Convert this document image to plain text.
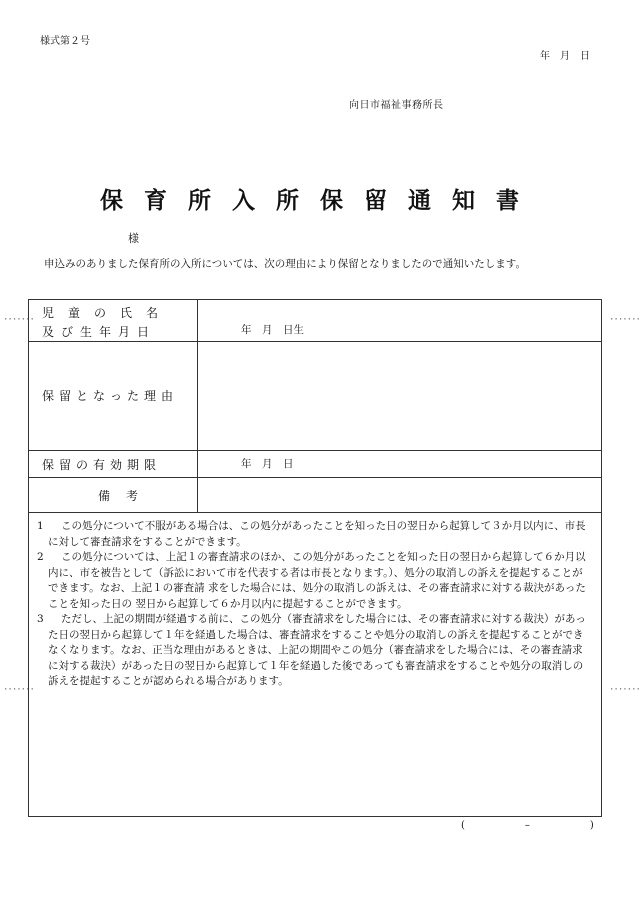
様式第２号
年　月　日
向日市福祉事務所長
保育所入所保留通知書
様
申込みのありました保育所の入所については、次の理由により保留となりましたので通知いたします。
·······	·······
·······	·······
児童の氏名
及び生年月日	年　月　日生
保留となった理由
保留の有効期限	年　月　日
備考

1 この処分について不服がある場合は、この処分があったことを知った日の翌日から起算して３か月以内に、市長に対して審査請求をすることができます。

2 この処分については、上記１の審査請求のほか、この処分があったことを知った日の翌日から起算して６か月以内に、市を被告として（訴訟において市を代表する者は市長となります。）、処分の取消しの訴えを提起することができます。なお、上記１の審査請 求をした場合には、処分の取消しの訴えは、その審査請求に対する裁決があったことを知った日の 翌日から起算して６か月以内に提起することができます。

3 ただし、上記の期間が経過する前に、この処分（審査請求をした場合には、その審査請求に対する裁決）があった日の翌日から起算して１年を経過した場合は、審査請求をすることや処分の取消しの訴えを提起することができなくなります。なお、正当な理由があるときは、上記の期間やこの処分（審査請求をした場合には、その審査請求に対する裁決）があった日の翌日から起算して１年を経過した後であっても審査請求をすることや処分の取消しの訴えを提起することが認められる場合があります。

(　　　　　　–　　　　　　)
